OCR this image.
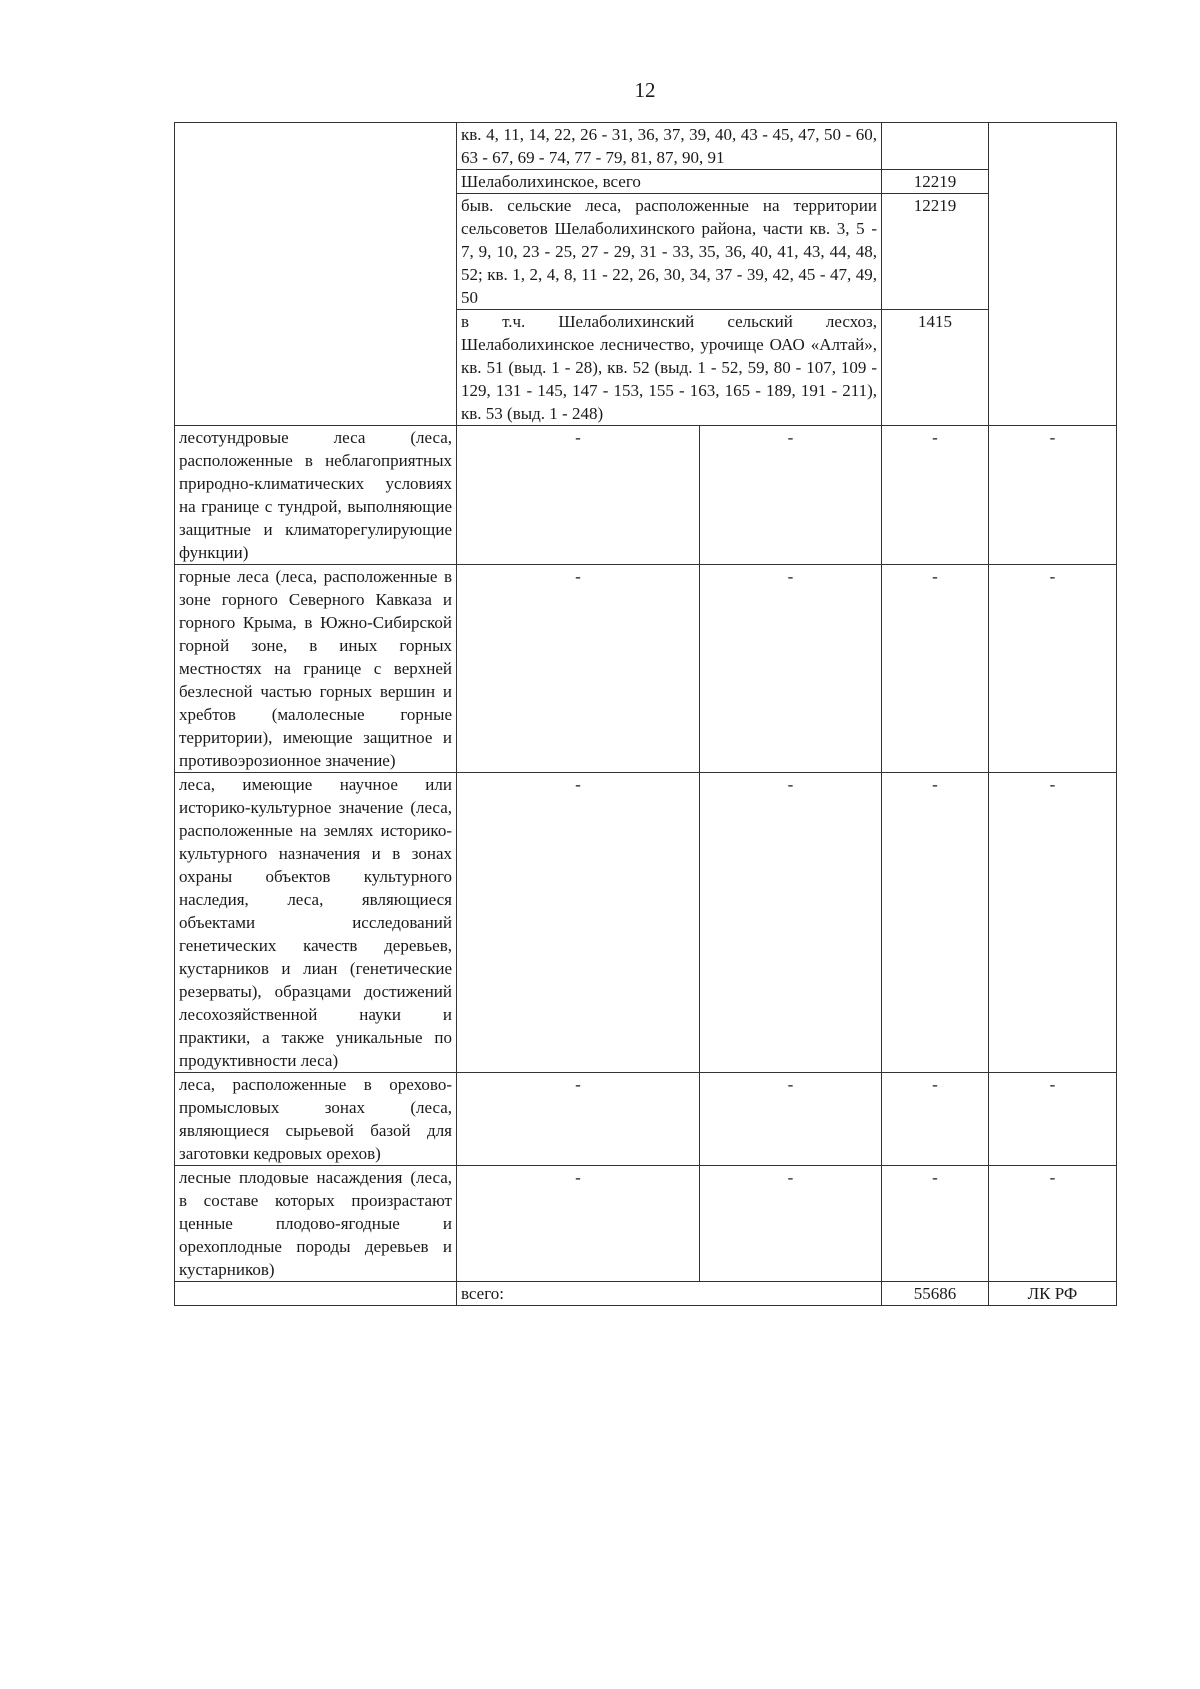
12
	кв. 4, 11, 14, 22, 26 - 31, 36, 37, 39, 40, 43 - 45, 47, 50 - 60, 63 - 67, 69 - 74, 77 - 79, 81, 87, 90, 91			
	Шелаболихинское, всего		12219	
	быв. сельские леса, расположенные на территории сельсоветов Шелаболихинского района, части кв. 3, 5 - 7, 9, 10, 23 - 25, 27 - 29, 31 - 33, 35, 36, 40, 41, 43, 44, 48, 52; кв. 1, 2, 4, 8, 11 - 22, 26, 30, 34, 37 - 39, 42, 45 - 47, 49, 50		12219	
	в т.ч. Шелаболихинский сельский лесхоз, Шелаболихинское лесничество, урочище ОАО «Алтай», кв. 51 (выд. 1 - 28), кв. 52 (выд. 1 - 52, 59, 80 - 107, 109 - 129, 131 - 145, 147 - 153, 155 - 163, 165 - 189, 191 - 211), кв. 53 (выд. 1 - 248)		1415	
лесотундровые леса (леса, расположенные в неблагоприятных природно-климатических условиях на границе с тундрой, выполняющие защитные и климаторегулирующие функции)	-	-	-	-
горные леса (леса, расположенные в зоне горного Северного Кавказа и горного Крыма, в Южно-Сибирской горной зоне, в иных горных местностях на границе с верхней безлесной частью горных вершин и хребтов (малолесные горные территории), имеющие защитное и противоэрозионное значение)	-	-	-	-
леса, имеющие научное или историко-культурное значение (леса, расположенные на землях историко-культурного назначения и в зонах охраны объектов культурного наследия, леса, являющиеся объектами исследований генетических качеств деревьев, кустарников и лиан (генетические резерваты), образцами достижений лесохозяйственной науки и практики, а также уникальные по продуктивности леса)	-	-	-	-
леса, расположенные в орехово-промысловых зонах (леса, являющиеся сырьевой базой для заготовки кедровых орехов)	-	-	-	-
лесные плодовые насаждения (леса, в составе которых произрастают ценные плодово-ягодные и орехоплодные породы деревьев и кустарников)	-	-	-	-
	всего:		55686	ЛК РФ
